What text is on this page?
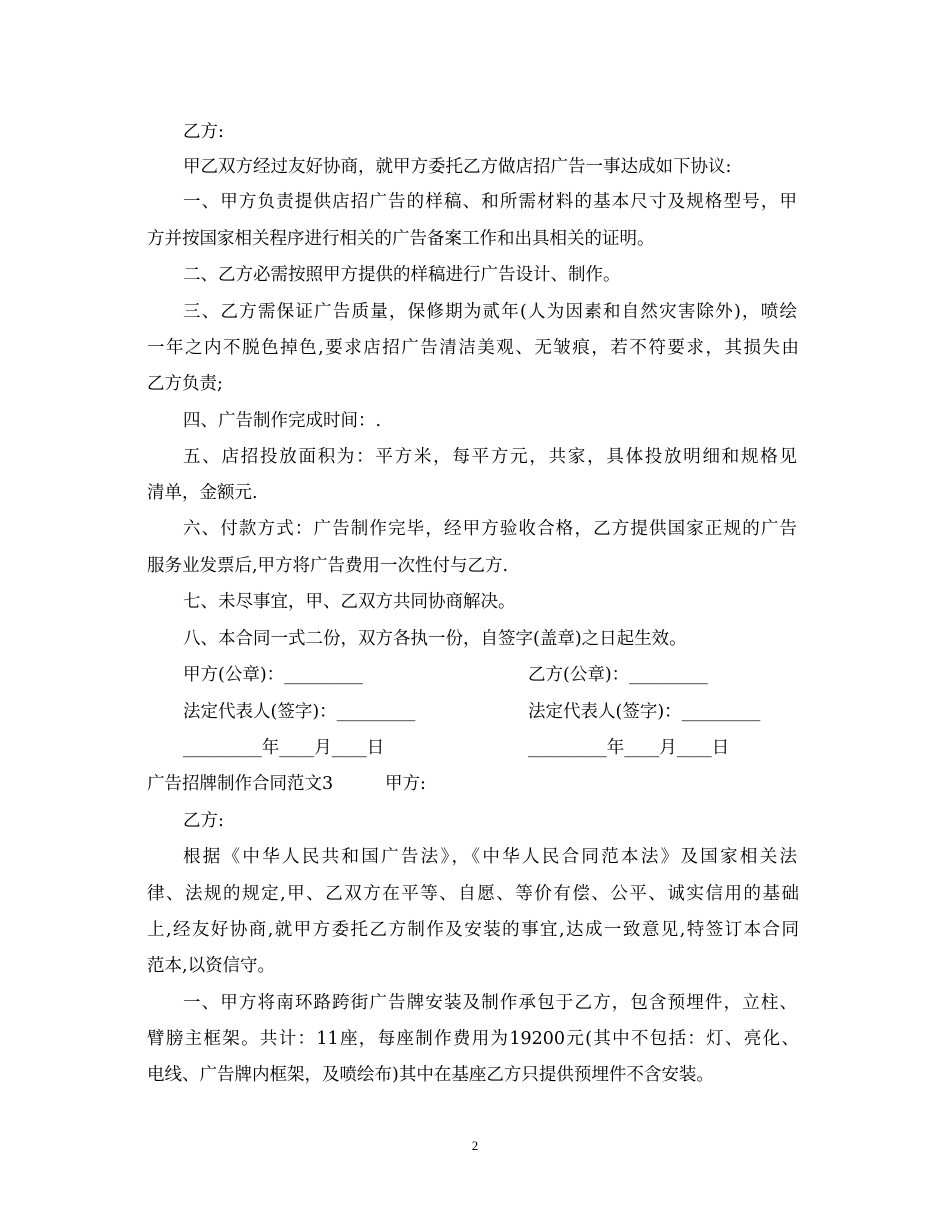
乙方:
甲乙双方经过友好协商，就甲方委托乙方做店招广告一事达成如下协议:
一、甲方负责提供店招广告的样稿、和所需材料的基本尺寸及规格型号，甲
方并按国家相关程序进行相关的广告备案工作和出具相关的证明。
二、乙方必需按照甲方提供的样稿进行广告设计、制作。
三、乙方需保证广告质量，保修期为贰年(人为因素和自然灾害除外)，喷绘
一年之内不脱色掉色,要求店招广告清洁美观、无皱痕，若不符要求，其损失由
乙方负责;
四、广告制作完成时间：.
五、店招投放面积为：平方米，每平方元，共家，具体投放明细和规格见
清单，金额元.
六、付款方式：广告制作完毕，经甲方验收合格，乙方提供国家正规的广告
服务业发票后,甲方将广告费用一次性付与乙方.
七、未尽事宜，甲、乙双方共同协商解决。
八、本合同一式二份，双方各执一份，自签字(盖章)之日起生效。
甲方(公章)：_________	乙方(公章)：_________
法定代表人(签字)：_________	法定代表人(签字)：_________
_________年____月____日	_________年____月____日
广告招牌制作合同范文3	甲方:
乙方:
根据《中华人民共和国广告法》，《中华人民合同范本法》及国家相关法
律、法规的规定,甲、乙双方在平等、自愿、等价有偿、公平、诚实信用的基础
上,经友好协商,就甲方委托乙方制作及安装的事宜,达成一致意见,特签订本合同
范本,以资信守。
一、甲方将南环路跨街广告牌安装及制作承包于乙方，包含预埋件，立柱、
臂膀主框架。共计：11座，每座制作费用为19200元(其中不包括：灯、亮化、
电线、广告牌内框架，及喷绘布)其中在基座乙方只提供预埋件不含安装。
2
